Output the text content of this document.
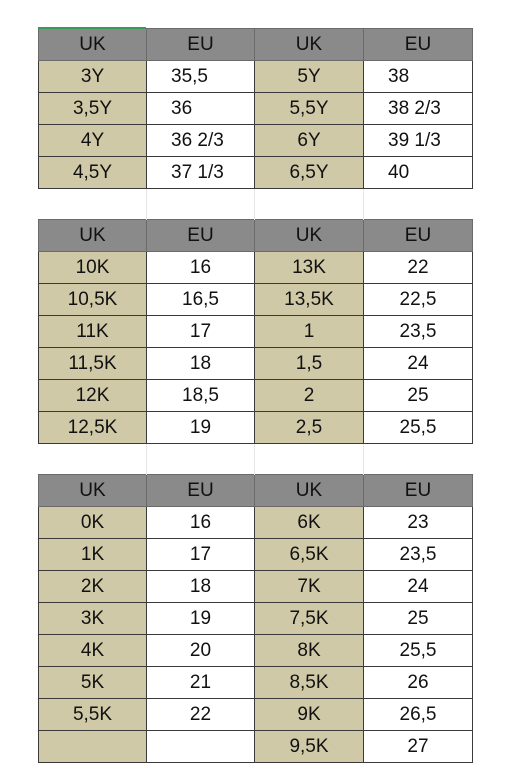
UK	EU	UK	EU
3Y	35,5	5Y	38
3,5Y	36	5,5Y	38 2/3
4Y	36 2/3	6Y	39 1/3
4,5Y	37 1/3	6,5Y	40

UK	EU	UK	EU
10K	16	13K	22
10,5K	16,5	13,5K	22,5
11K	17	1	23,5
11,5K	18	1,5	24
12K	18,5	2	25
12,5K	19	2,5	25,5

UK	EU	UK	EU
0K	16	6K	23
1K	17	6,5K	23,5
2K	18	7K	24
3K	19	7,5K	25
4K	20	8K	25,5
5K	21	8,5K	26
5,5K	22	9K	26,5
		9,5K	27
